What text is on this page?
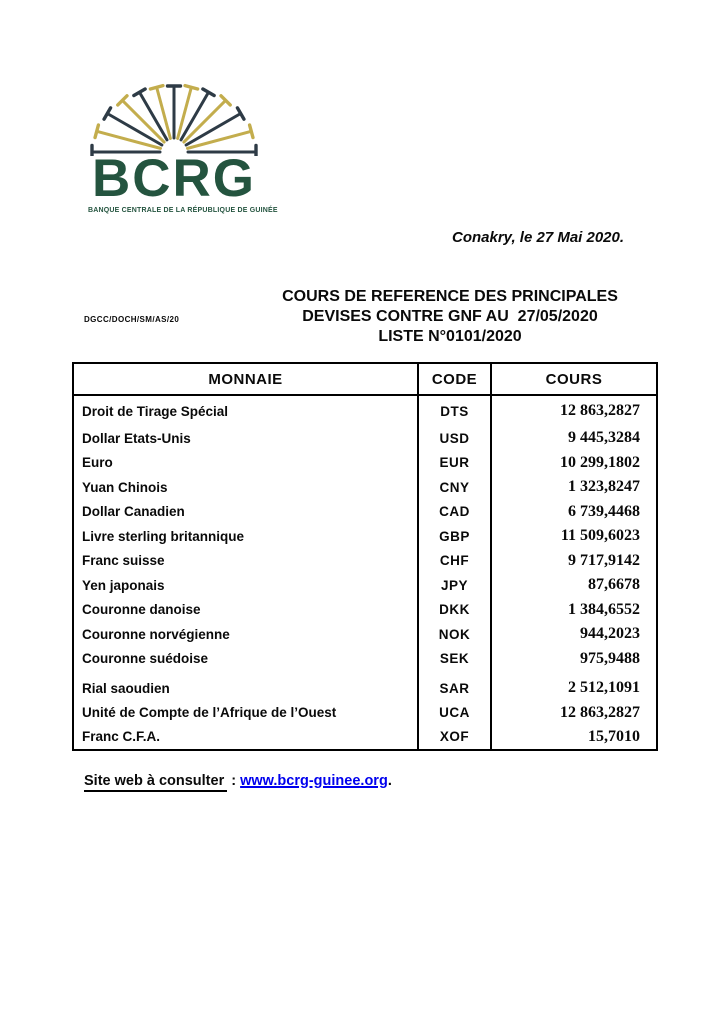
BCRG
BANQUE CENTRALE DE LA RÉPUBLIQUE DE GUINÉE
Conakry, le 27 Mai 2020.
DGCC/DOCH/SM/AS/20
COURS DE REFERENCE DES PRINCIPALES
DEVISES CONTRE GNF AU  27/05/2020
LISTE N°0101/2020
MONNAIE	CODE	COURS
Droit de Tirage Spécial	DTS	12 863,2827
Dollar Etats-Unis	USD	9 445,3284
Euro	EUR	10 299,1802
Yuan Chinois	CNY	1 323,8247
Dollar Canadien	CAD	6 739,4468
Livre sterling britannique	GBP	11 509,6023
Franc suisse	CHF	9 717,9142
Yen japonais	JPY	87,6678
Couronne danoise	DKK	1 384,6552
Couronne norvégienne	NOK	944,2023
Couronne suédoise	SEK	975,9488

Rial saoudien	SAR	2 512,1091
Unité de Compte de l’Afrique de l’Ouest	UCA	12 863,2827
Franc C.F.A.	XOF	15,7010
Site web à consulter : www.bcrg-guinee.org.
